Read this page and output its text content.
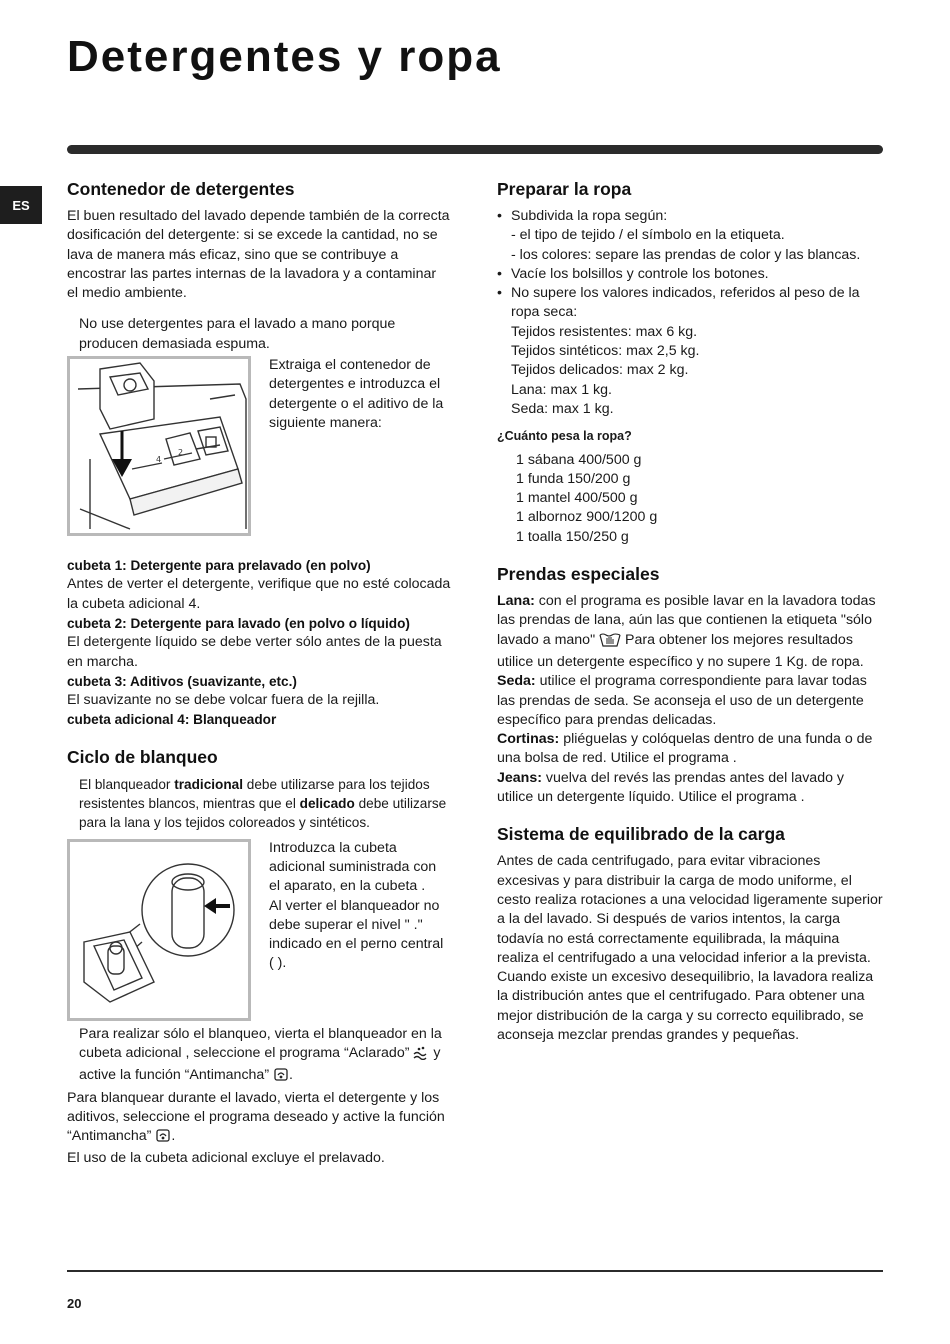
Detergentes y ropa
ES
Contenedor de detergentes

El buen resultado del lavado depende también de la correcta dosificación del detergente: si se excede la cantidad, no se lava de manera más eficaz, sino que se contribuye a encostrar las partes internas de la lavadora y a contaminar el medio ambiente.

No use detergentes para el lavado a mano porque producen demasiada espuma.

4
2

Extraiga el contenedor de detergentes e introduzca el detergente o el aditivo de la siguiente manera:

cubeta 1: Detergente para prelavado (en polvo)

Antes de verter el detergente, verifique que no esté colocada la cubeta adicional 4.

cubeta 2: Detergente para lavado (en polvo o líquido)

El detergente líquido se debe verter sólo antes de la puesta en marcha.

cubeta 3: Aditivos (suavizante, etc.)

El suavizante no se debe volcar fuera de la rejilla.

cubeta adicional 4: Blanqueador

Ciclo de blanqueo

El blanqueador tradicional debe utilizarse para los tejidos resistentes blancos, mientras que el delicado debe utilizarse para la lana y los tejidos coloreados y sintéticos.

Introduzca la cubeta adicional suministrada con el aparato, en la cubeta .

Al verter el blanqueador no debe superar el nivel " ." indicado en el perno central ( ).

Para realizar sólo el blanqueo, vierta el blanqueador en la cubeta adicional , seleccione el programa “Aclarado”  y active la función “Antimancha” .

Para blanquear durante el lavado, vierta el detergente y los aditivos, seleccione el programa deseado y active la función “Antimancha” .

El uso de la cubeta adicional excluye el prelavado.

Preparar la ropa
• Subdivida la ropa según:
- el tipo de tejido / el símbolo en la etiqueta.
- los colores: separe las prendas de color y las blancas.
• Vacíe los bolsillos y controle los botones.
• No supere los valores indicados, referidos al peso de la ropa seca:
Tejidos resistentes: max 6 kg.
Tejidos sintéticos: max 2,5 kg.
Tejidos delicados: max 2 kg.
Lana: max 1 kg.
Seda: max 1 kg.

¿Cuánto pesa la ropa?

1 sábana 400/500 g
1 funda 150/200 g
1 mantel 400/500 g
1 albornoz 900/1200 g
1 toalla 150/250 g
Prendas especiales

Lana: con el programa es posible lavar en la lavadora todas las prendas de lana, aún las que contienen la etiqueta "sólo lavado a mano"  Para obtener los mejores resultados utilice un detergente específico y no supere 1 Kg. de ropa.

Seda: utilice el programa correspondiente para lavar todas las prendas de seda. Se aconseja el uso de un detergente específico para prendas delicadas.

Cortinas: pliéguelas y colóquelas dentro de una funda o de una bolsa de red. Utilice el programa .

Jeans: vuelva del revés las prendas antes del lavado y utilice un detergente líquido. Utilice el programa .

Sistema de equilibrado de la carga

Antes de cada centrifugado, para evitar vibraciones excesivas y para distribuir la carga de modo uniforme, el cesto realiza rotaciones a una velocidad ligeramente superior a la del lavado. Si después de varios intentos, la carga todavía no está correctamente equilibrada, la máquina realiza el centrifugado a una velocidad inferior a la prevista. Cuando existe un excesivo desequilibrio, la lavadora realiza la distribución antes que el centrifugado. Para obtener una mejor distribución de la carga y su correcto equilibrado, se aconseja mezclar prendas grandes y pequeñas.

20
